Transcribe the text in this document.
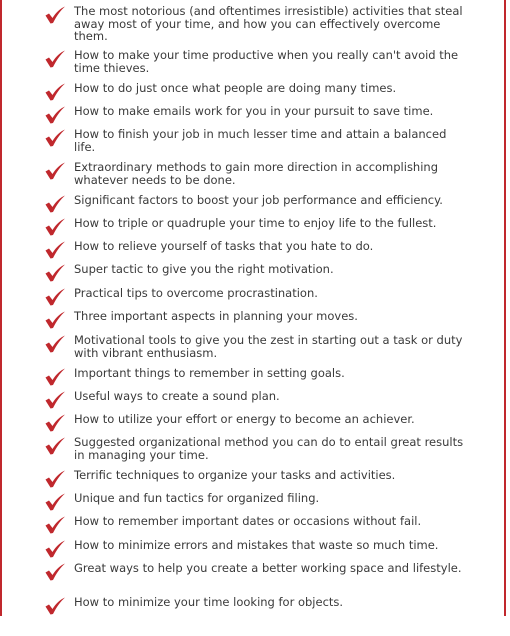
The most notorious (and oftentimes irresistible) activities that steal away most of your time, and how you can effectively overcome them.
How to make your time productive when you really can't avoid the time thieves.
How to do just once what people are doing many times.
How to make emails work for you in your pursuit to save time.
How to finish your job in much lesser time and attain a balanced life.
Extraordinary methods to gain more direction in accomplishing whatever needs to be done.
Significant factors to boost your job performance and efficiency.
How to triple or quadruple your time to enjoy life to the fullest.
How to relieve yourself of tasks that you hate to do.
Super tactic to give you the right motivation.
Practical tips to overcome procrastination.
Three important aspects in planning your moves.
Motivational tools to give you the zest in starting out a task or duty with vibrant enthusiasm.
Important things to remember in setting goals.
Useful ways to create a sound plan.
How to utilize your effort or energy to become an achiever.
Suggested organizational method you can do to entail great results in managing your time.
Terrific techniques to organize your tasks and activities.
Unique and fun tactics for organized filing.
How to remember important dates or occasions without fail.
How to minimize errors and mistakes that waste so much time.
Great ways to help you create a better working space and lifestyle.
How to minimize your time looking for objects.
